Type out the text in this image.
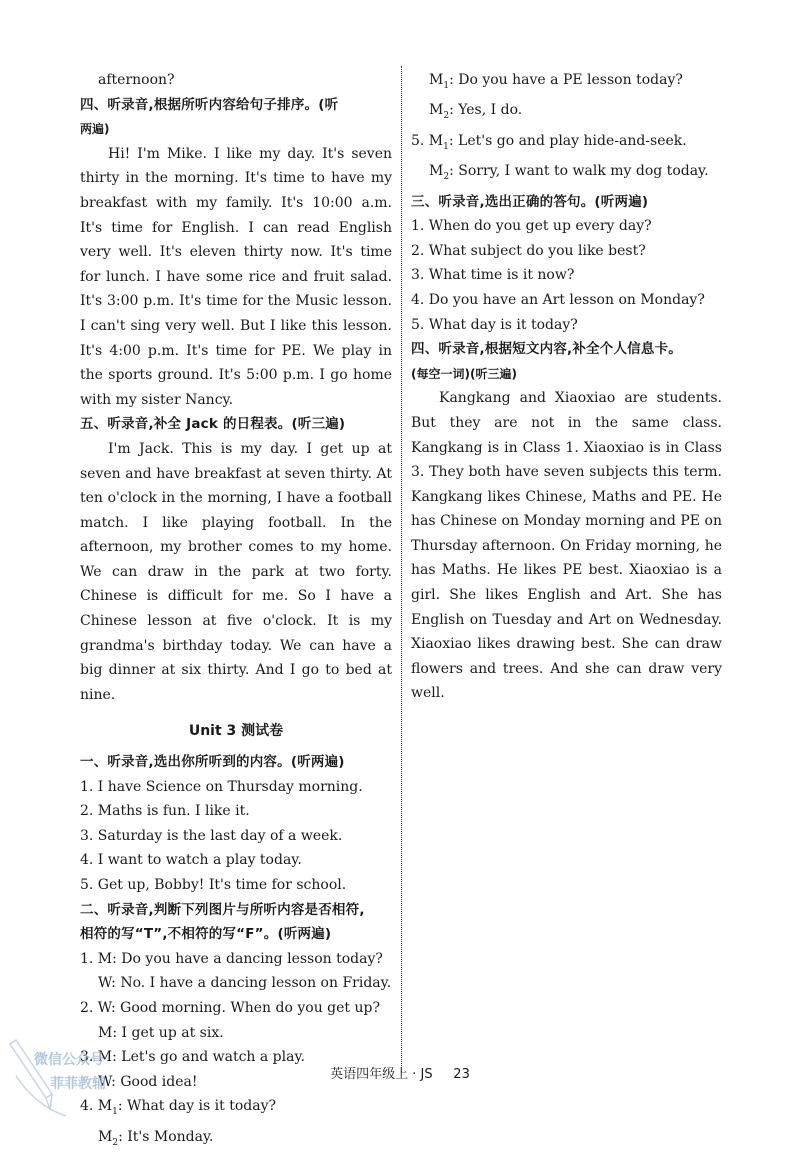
afternoon?

四、听录音,根据所听内容给句子排序。(听

两遍)

Hi! I'm Mike. I like my day. It's seven thirty in the morning. It's time to have my breakfast with my family. It's 10:00 a.m. It's time for English. I can read English very well. It's eleven thirty now. It's time for lunch. I have some rice and fruit salad. It's 3:00 p.m. It's time for the Music lesson. I can't sing very well. But I like this lesson. It's 4:00 p.m. It's time for PE. We play in the sports ground. It's 5:00 p.m. I go home with my sister Nancy.

五、听录音,补全 Jack 的日程表。(听三遍)

I'm Jack. This is my day. I get up at seven and have breakfast at seven thirty. At ten o'clock in the morning, I have a football match. I like playing football. In the afternoon, my brother comes to my home. We can draw in the park at two forty. Chinese is difficult for me. So I have a Chinese lesson at five o'clock. It is my grandma's birthday today. We can have a big dinner at six thirty. And I go to bed at nine.

Unit 3 测试卷

一、听录音,选出你所听到的内容。(听两遍)

1. I have Science on Thursday morning.

2. Maths is fun. I like it.

3. Saturday is the last day of a week.

4. I want to watch a play today.

5. Get up, Bobby! It's time for school.

二、听录音,判断下列图片与所听内容是否相符,

相符的写“T”,不相符的写“F”。(听两遍)

1. M: Do you have a dancing lesson today?

W: No. I have a dancing lesson on Friday.

2. W: Good morning. When do you get up?

M: I get up at six.

3. M: Let's go and watch a play.

W: Good idea!

4. $M_1$: What day is it today?

$M_2$: It's Monday.

$M_1$: Do you have a PE lesson today?

$M_2$: Yes, I do.

5. $M_1$: Let's go and play hide-and-seek.

$M_2$: Sorry, I want to walk my dog today.

三、听录音,选出正确的答句。(听两遍)

1. When do you get up every day?

2. What subject do you like best?

3. What time is it now?

4. Do you have an Art lesson on Monday?

5. What day is it today?

四、听录音,根据短文内容,补全个人信息卡。

(每空一词)(听三遍)

Kangkang and Xiaoxiao are students. But they are not in the same class. Kangkang is in Class 1. Xiaoxiao is in Class 3. They both have seven subjects this term. Kangkang likes Chinese, Maths and PE. He has Chinese on Monday morning and PE on Thursday afternoon. On Friday morning, he has Maths. He likes PE best. Xiaoxiao is a girl. She likes English and Art. She has English on Tuesday and Art on Wednesday. Xiaoxiao likes drawing best. She can draw flowers and trees. And she can draw very well.

英语四年级上 · JS 23
微信公众号
菲菲教辅
